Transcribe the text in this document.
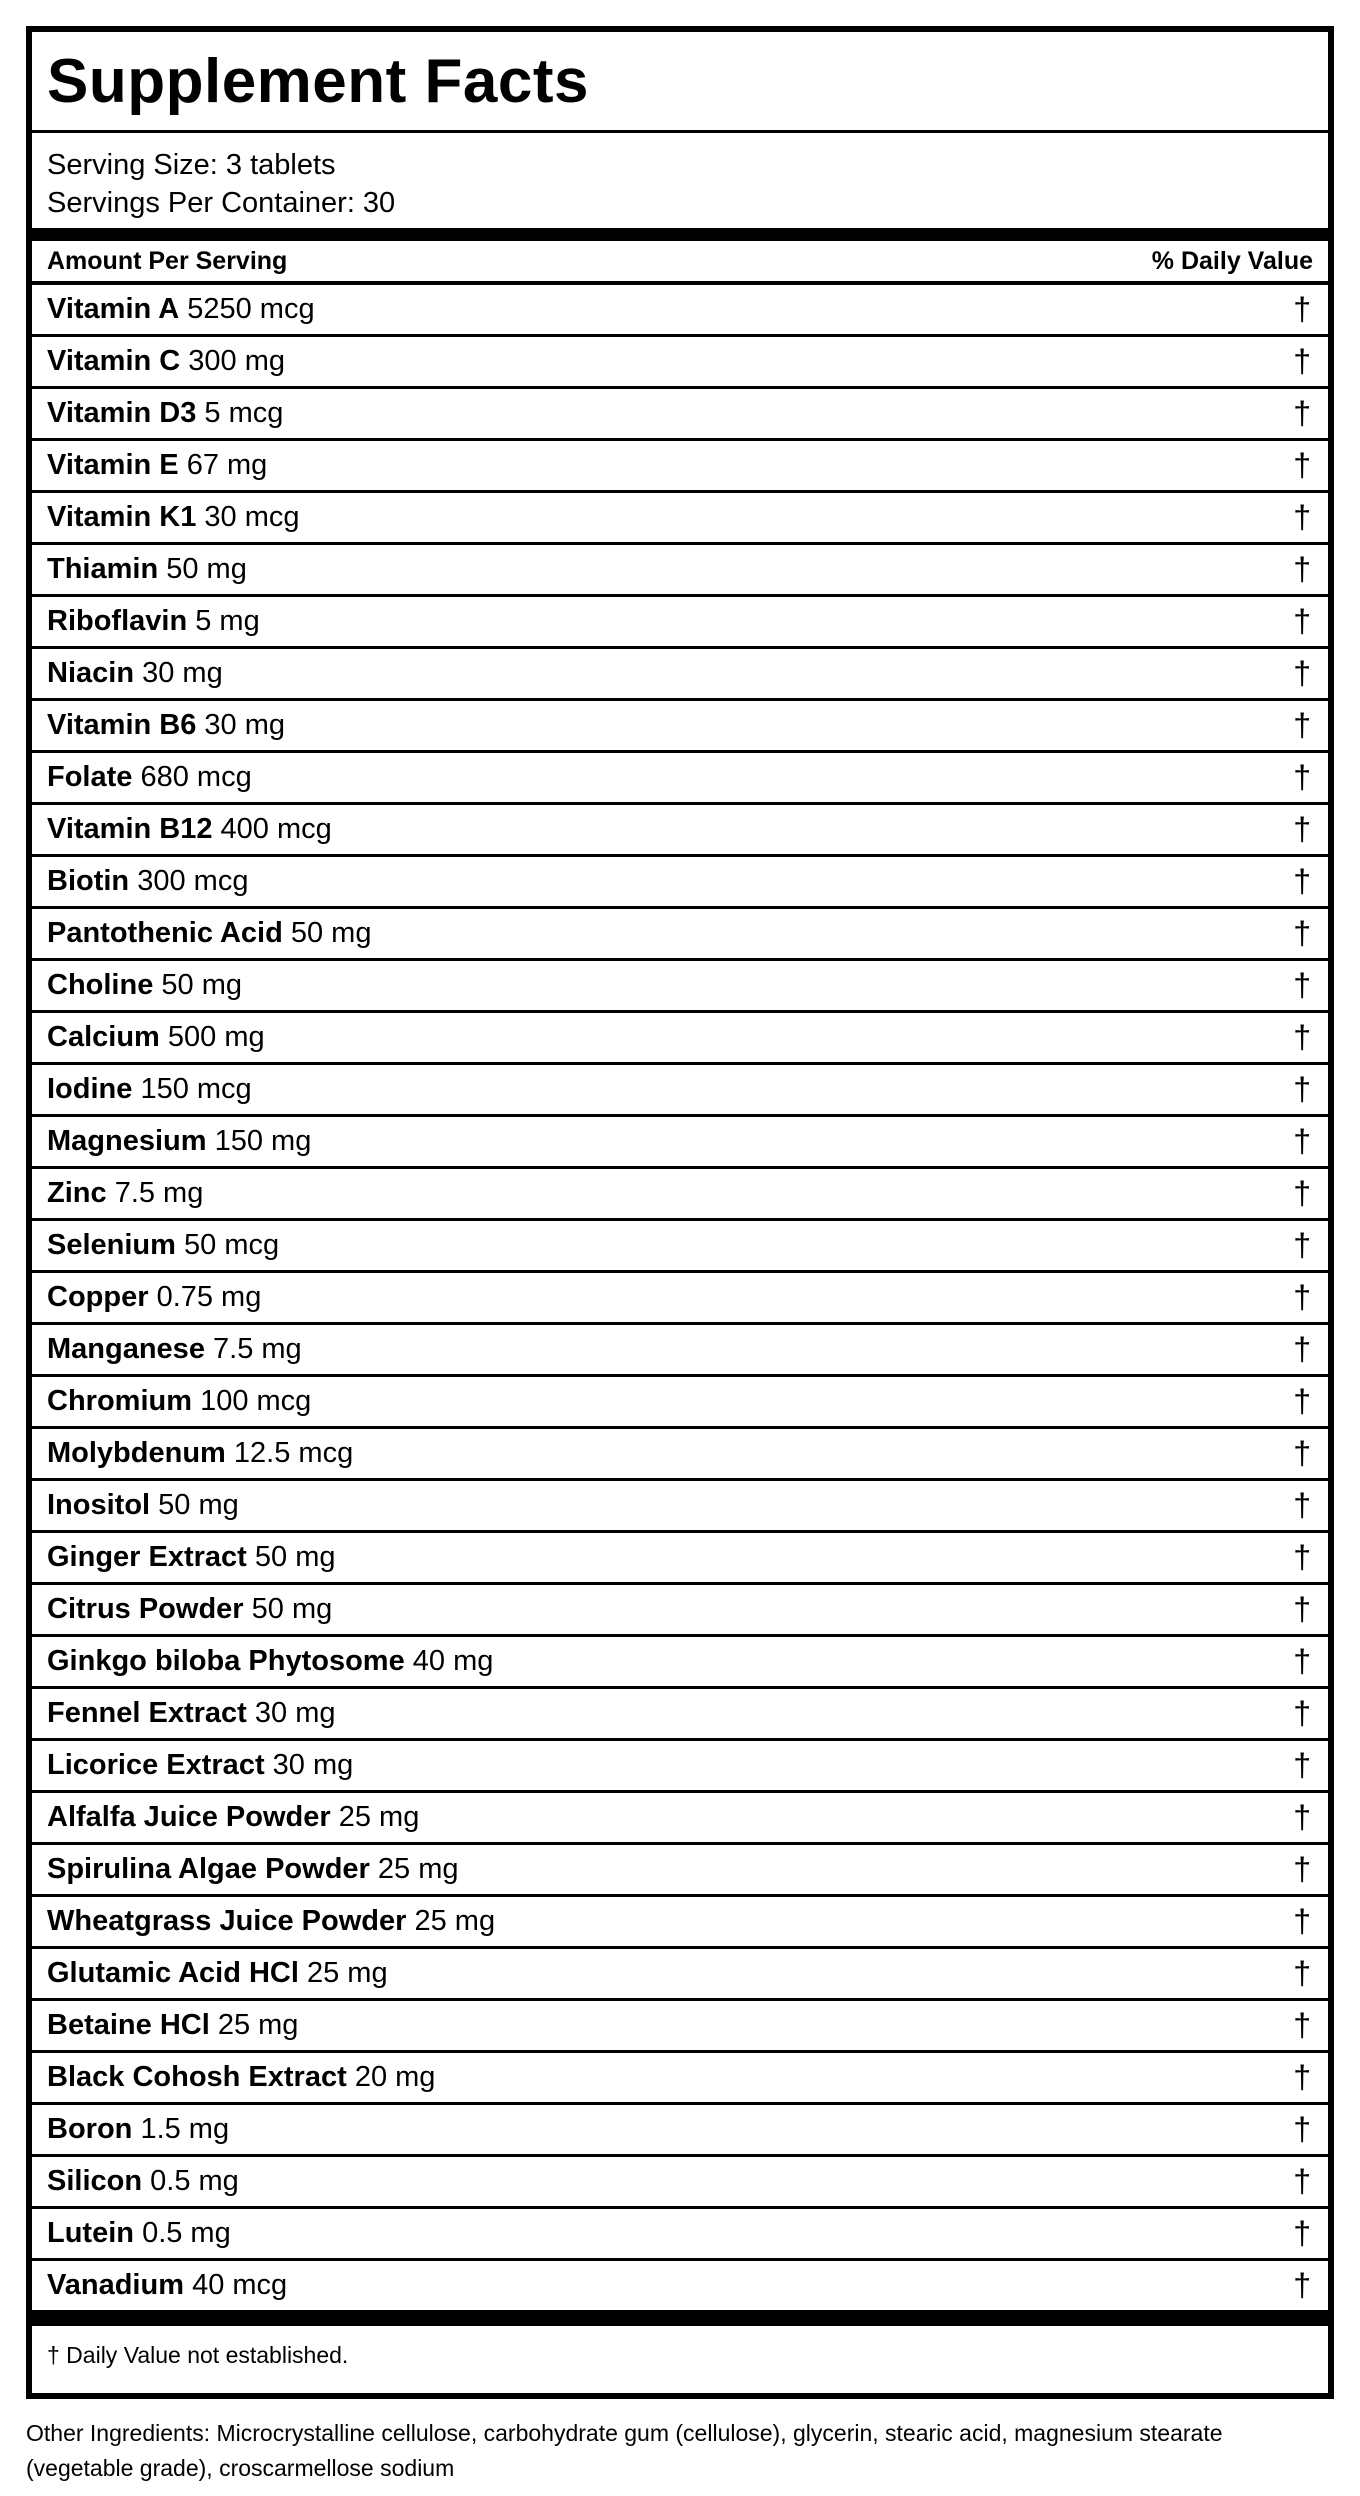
Supplement Facts
Serving Size: 3 tablets
Servings Per Container: 30
Amount Per Serving	% Daily Value
Vitamin A 5250 mcg	†
Vitamin C 300 mg	†
Vitamin D3 5 mcg	†
Vitamin E 67 mg	†
Vitamin K1 30 mcg	†
Thiamin 50 mg	†
Riboflavin 5 mg	†
Niacin 30 mg	†
Vitamin B6 30 mg	†
Folate 680 mcg	†
Vitamin B12 400 mcg	†
Biotin 300 mcg	†
Pantothenic Acid 50 mg	†
Choline 50 mg	†
Calcium 500 mg	†
Iodine 150 mcg	†
Magnesium 150 mg	†
Zinc 7.5 mg	†
Selenium 50 mcg	†
Copper 0.75 mg	†
Manganese 7.5 mg	†
Chromium 100 mcg	†
Molybdenum 12.5 mcg	†
Inositol 50 mg	†
Ginger Extract 50 mg	†
Citrus Powder 50 mg	†
Ginkgo biloba Phytosome 40 mg	†
Fennel Extract 30 mg	†
Licorice Extract 30 mg	†
Alfalfa Juice Powder 25 mg	†
Spirulina Algae Powder 25 mg	†
Wheatgrass Juice Powder 25 mg	†
Glutamic Acid HCl 25 mg	†
Betaine HCl 25 mg	†
Black Cohosh Extract 20 mg	†
Boron 1.5 mg	†
Silicon 0.5 mg	†
Lutein 0.5 mg	†
Vanadium 40 mcg	†
† Daily Value not established.
Other Ingredients: Microcrystalline cellulose, carbohydrate gum (cellulose), glycerin, stearic acid, magnesium stearate (vegetable grade), croscarmellose sodium
